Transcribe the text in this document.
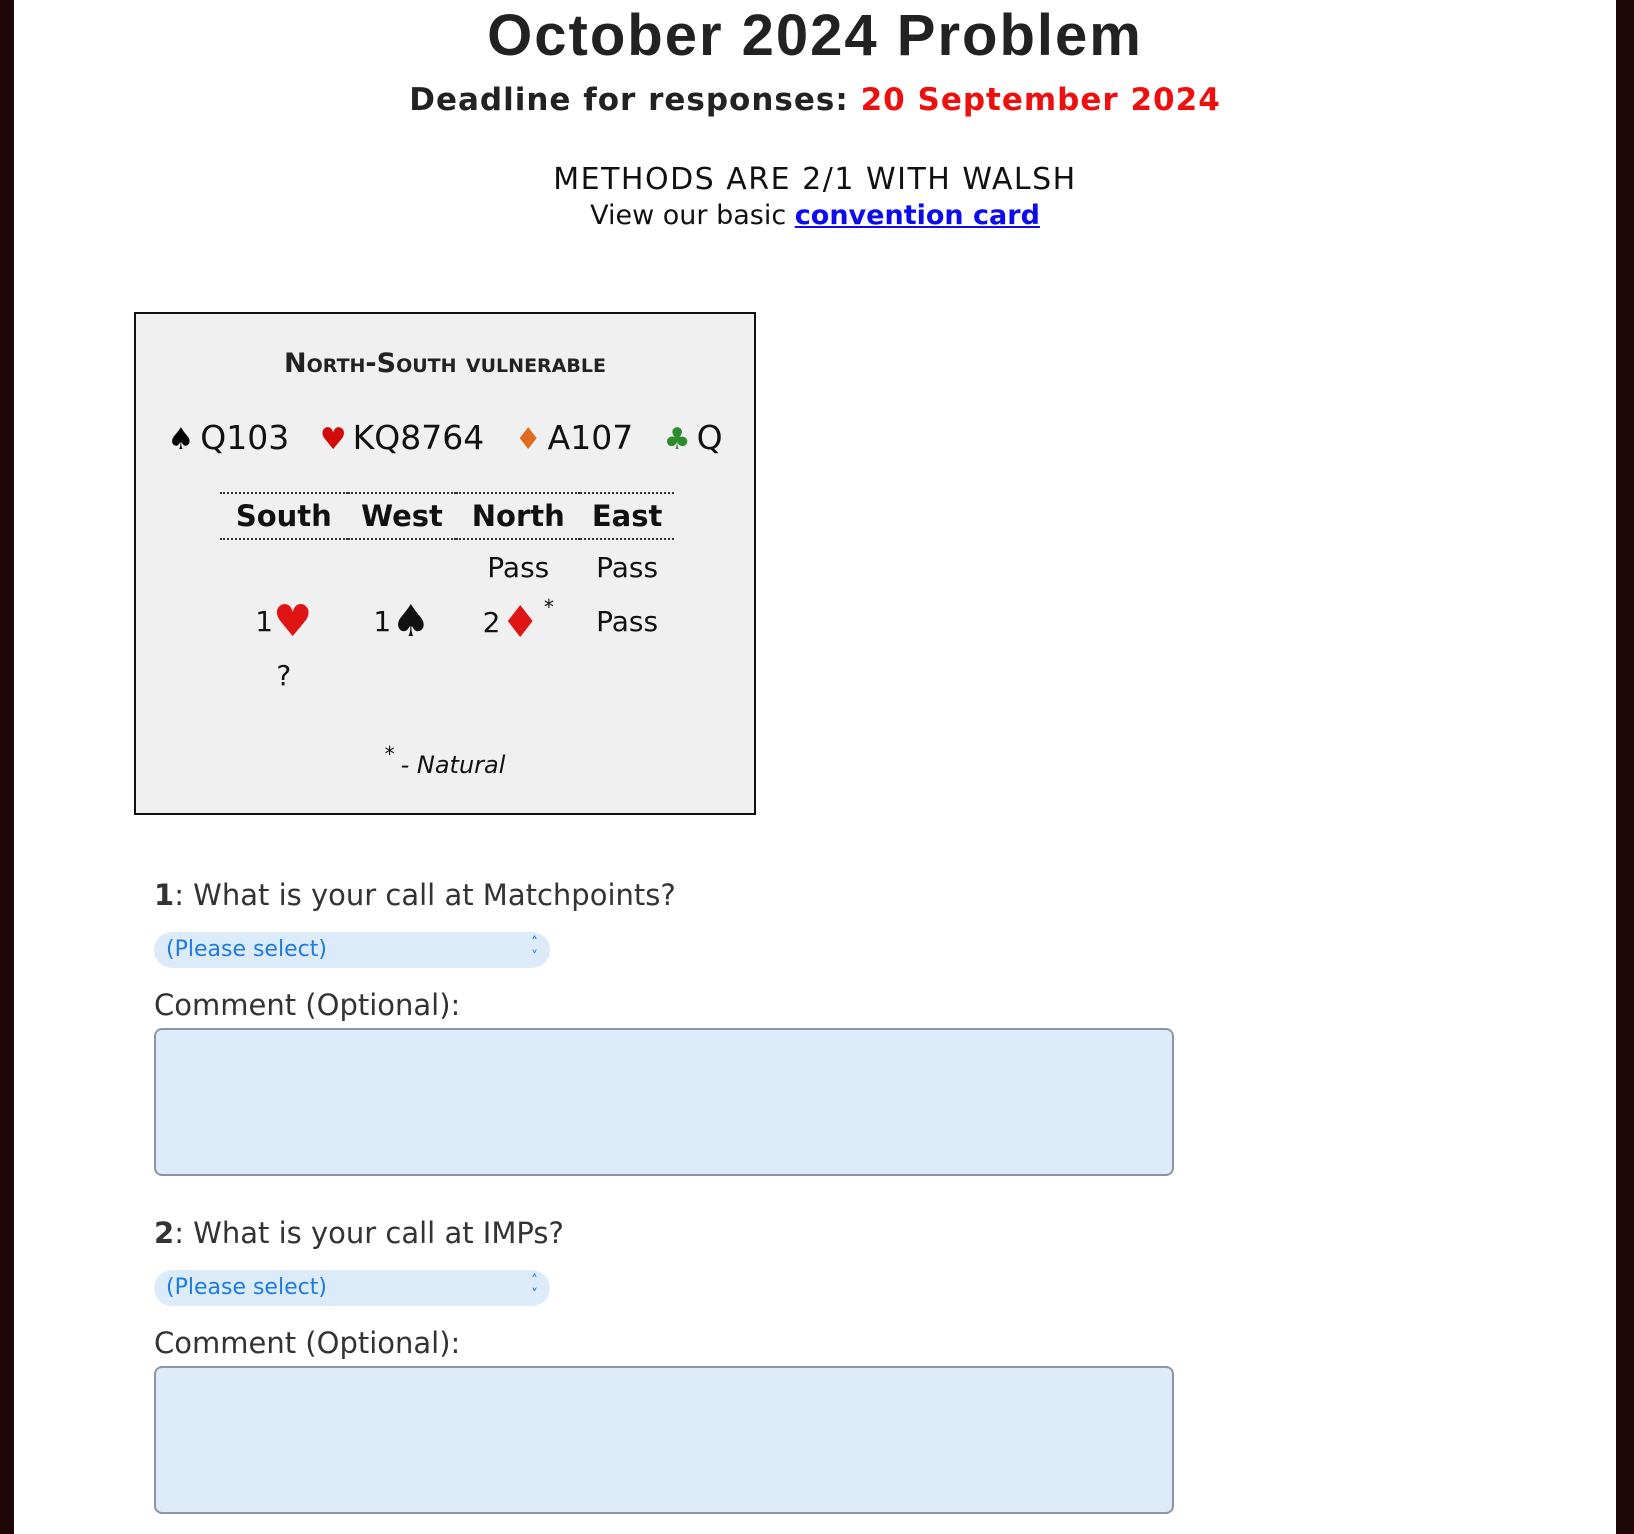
October 2024 Problem
Deadline for responses: 20 September 2024
METHODS ARE 2/1 WITH WALSH
View our basic convention card
North-South vulnerable
♠ Q103 ♥ KQ8764 ♦ A107 ♣ Q
South	West	North	East
		Pass	Pass
1♥	1♠	2♦ *	Pass
?			
* - Natural
1: What is your call at Matchpoints?
(Please select)	˄
˅
Comment (Optional):
2: What is your call at IMPs?
(Please select)	˄
˅
Comment (Optional):
